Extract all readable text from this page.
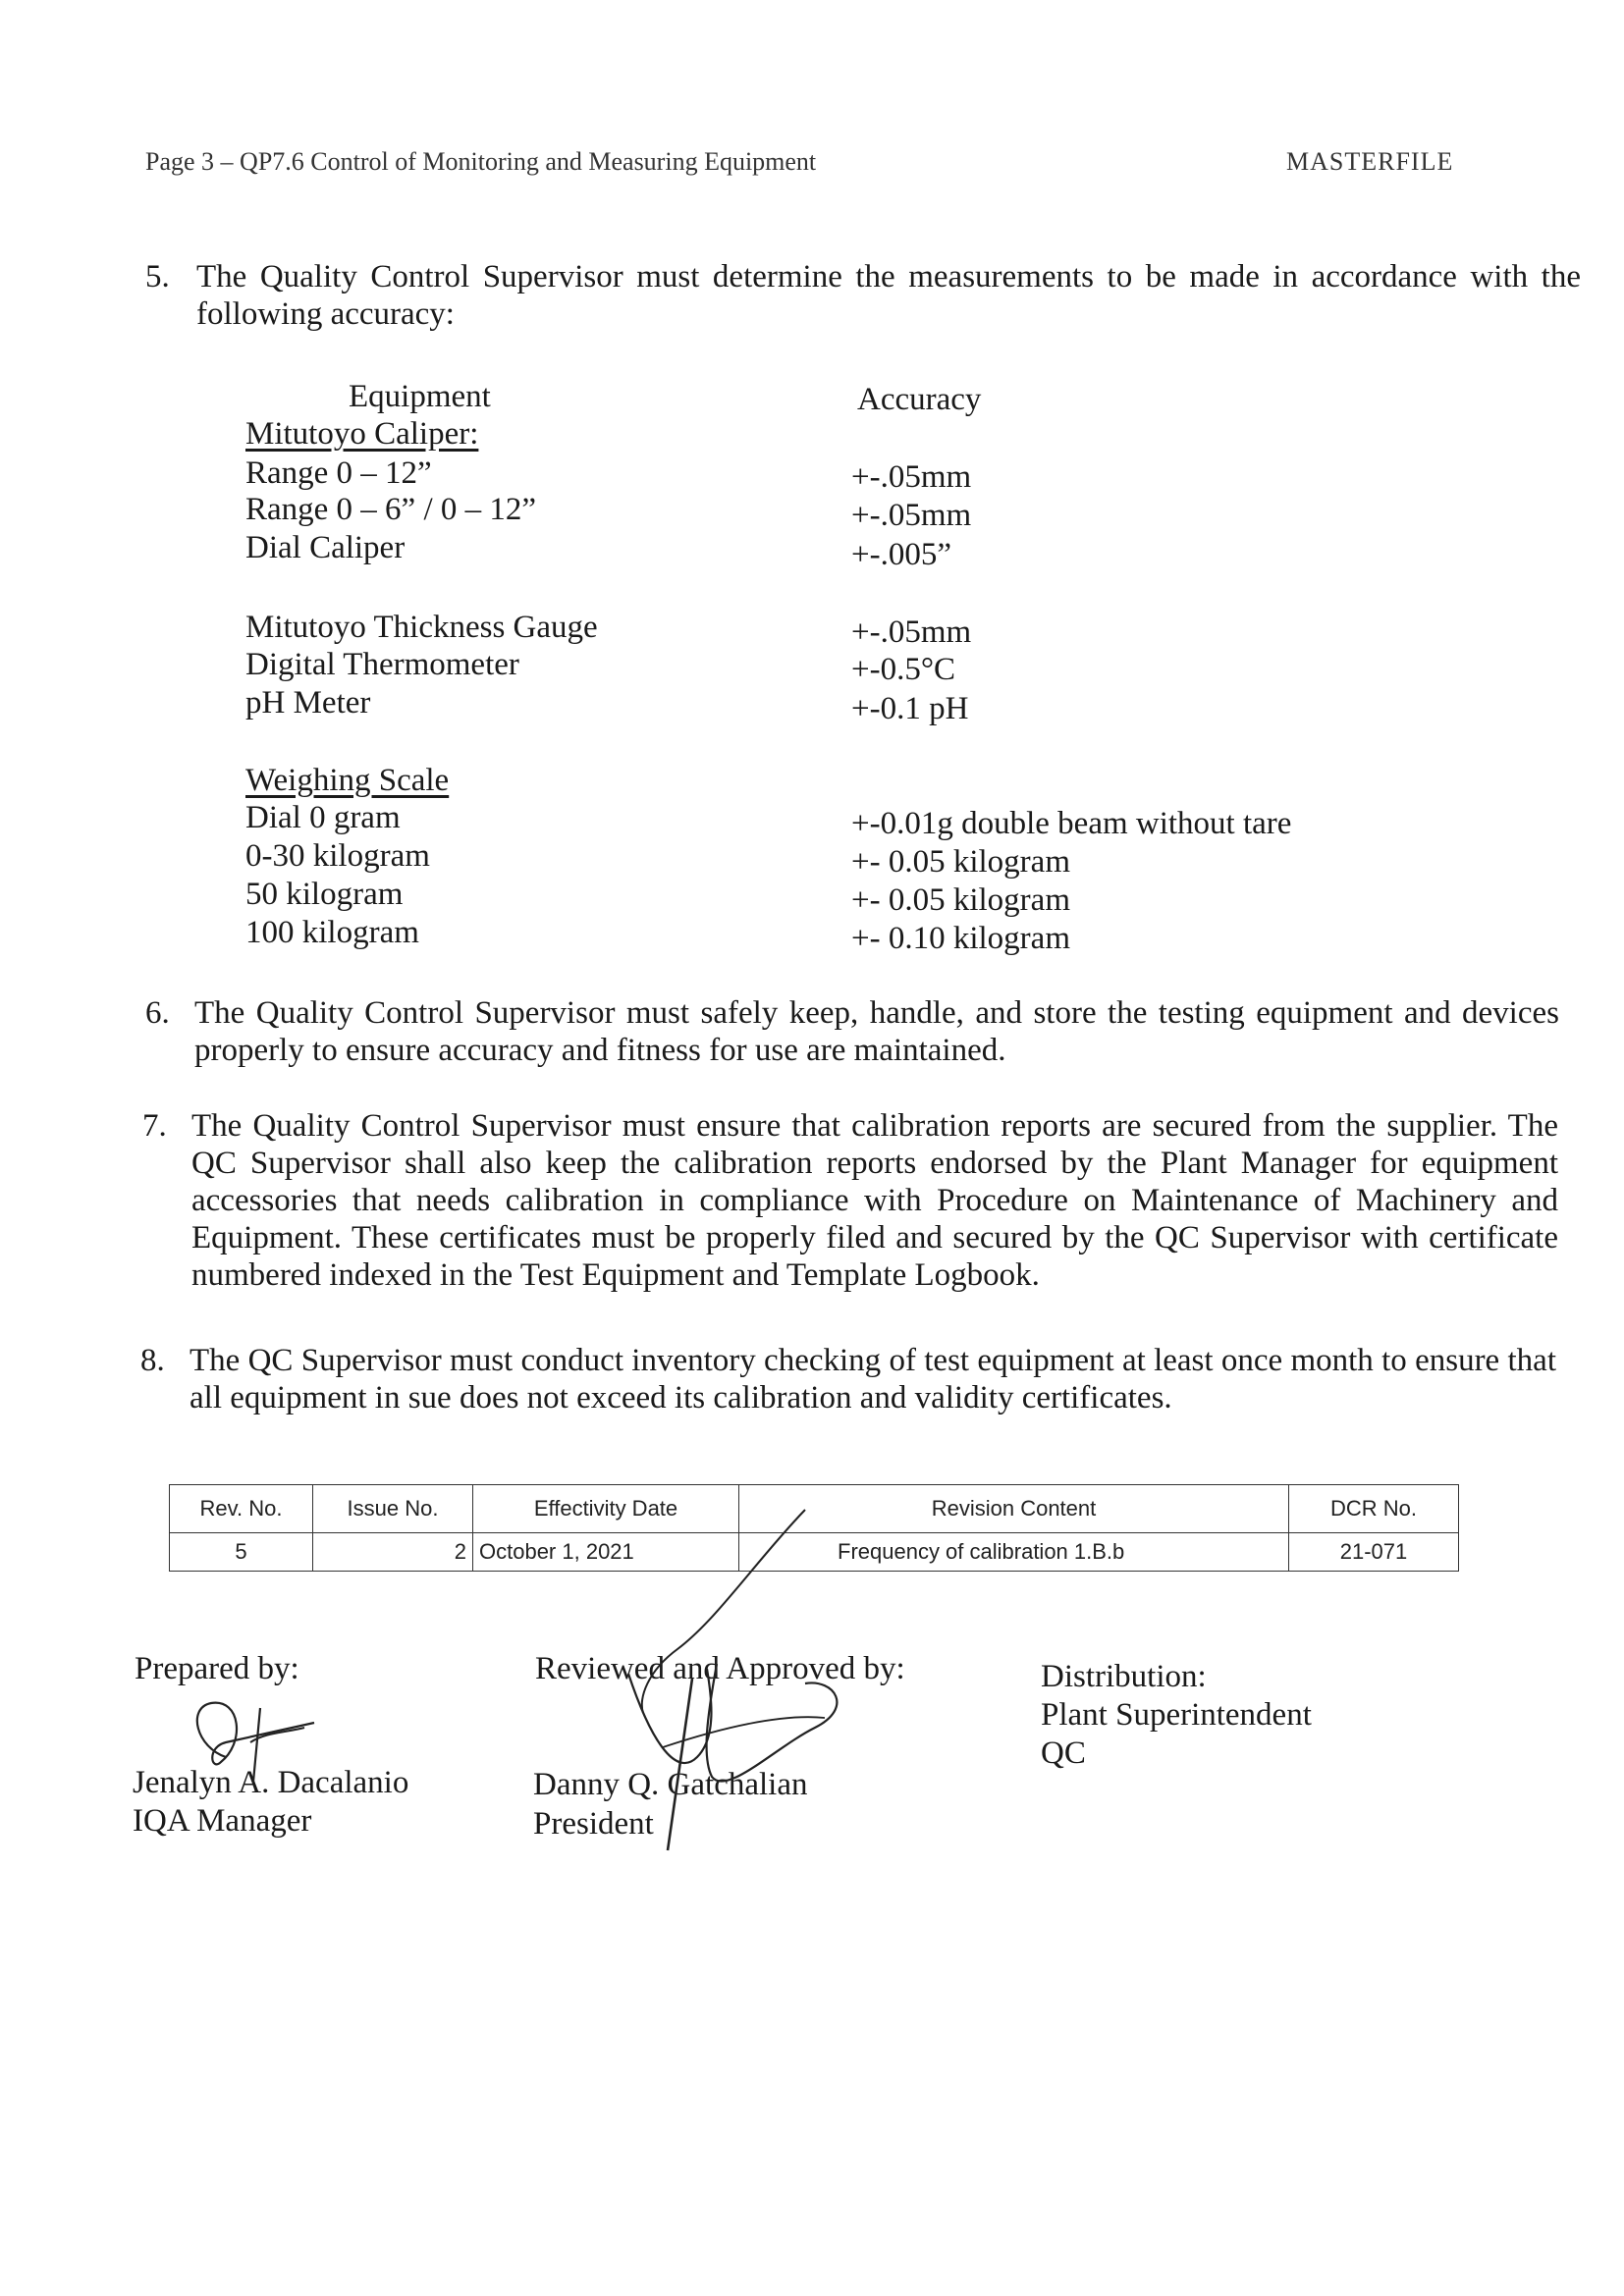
Page 3 – QP7.6 Control of Monitoring and Measuring Equipment	MASTERFILE
5. The Quality Control Supervisor must determine the measurements to be made in accordance with the following accuracy:
Equipment	Accuracy
Mitutoyo Caliper:
Range 0 – 12”	+-.05mm
Range 0 – 6” / 0 – 12”	+-.05mm
Dial Caliper	+-.005”
Mitutoyo Thickness Gauge	+-.05mm
Digital Thermometer	+-0.5°C
pH Meter	+-0.1 pH
Weighing Scale
Dial 0 gram	+-0.01g double beam without tare
0-30 kilogram	+- 0.05 kilogram
50 kilogram	+- 0.05 kilogram
100 kilogram	+- 0.10 kilogram
6. The Quality Control Supervisor must safely keep, handle, and store the testing equipment and devices properly to ensure accuracy and fitness for use are maintained.
7. The Quality Control Supervisor must ensure that calibration reports are secured from the supplier. The QC Supervisor shall also keep the calibration reports endorsed by the Plant Manager for equipment accessories that needs calibration in compliance with Procedure on Maintenance of Machinery and Equipment. These certificates must be properly filed and secured by the QC Supervisor with certificate numbered indexed in the Test Equipment and Template Logbook.
8. The QC Supervisor must conduct inventory checking of test equipment at least once month to ensure that all equipment in sue does not exceed its calibration and validity certificates.
Rev. No.	Issue No.	Effectivity Date	Revision Content	DCR No.
5	2	October 1, 2021	Frequency of calibration 1.B.b	21-071
Prepared by:
Jenalyn A. Dacalanio
IQA Manager
Reviewed and Approved by:
Danny Q. Gatchalian
President
Distribution:
Plant Superintendent
QC
